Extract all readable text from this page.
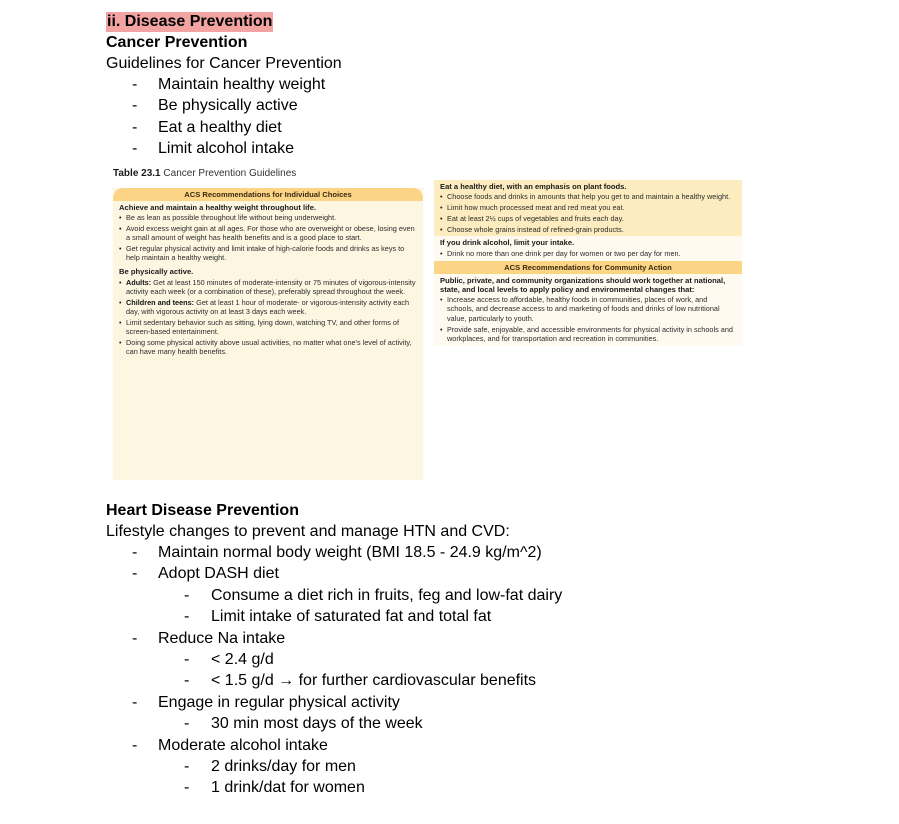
ii. Disease Prevention
Cancer Prevention
Guidelines for Cancer Prevention
- Maintain healthy weight
- Be physically active
- Eat a healthy diet
- Limit alcohol intake
Table 23.1 Cancer Prevention Guidelines
ACS Recommendations for Individual Choices
Achieve and maintain a healthy weight throughout life.
• Be as lean as possible throughout life without being underweight.
• Avoid excess weight gain at all ages. For those who are overweight or obese, losing even a small amount of weight has health benefits and is a good place to start.
• Get regular physical activity and limit intake of high-calorie foods and drinks as keys to help maintain a healthy weight.
Be physically active.
• Adults: Get at least 150 minutes of moderate-intensity or 75 minutes of vigorous-intensity activity each week (or a combination of these), preferably spread throughout the week.
• Children and teens: Get at least 1 hour of moderate- or vigorous-intensity activity each day, with vigorous activity on at least 3 days each week.
• Limit sedentary behavior such as sitting, lying down, watching TV, and other forms of screen-based entertainment.
• Doing some physical activity above usual activities, no matter what one's level of activity, can have many health benefits.
Eat a healthy diet, with an emphasis on plant foods.
• Choose foods and drinks in amounts that help you get to and maintain a healthy weight.
• Limit how much processed meat and red meat you eat.
• Eat at least 2½ cups of vegetables and fruits each day.
• Choose whole grains instead of refined-grain products.
If you drink alcohol, limit your intake.
• Drink no more than one drink per day for women or two per day for men.
ACS Recommendations for Community Action
Public, private, and community organizations should work together at national, state, and local levels to apply policy and environmental changes that:
• Increase access to affordable, healthy foods in communities, places of work, and schools, and decrease access to and marketing of foods and drinks of low nutritional value, particularly to youth.
• Provide safe, enjoyable, and accessible environments for physical activity in schools and workplaces, and for transportation and recreation in communities.
Heart Disease Prevention
Lifestyle changes to prevent and manage HTN and CVD:
- Maintain normal body weight (BMI 18.5 - 24.9 kg/m^2)
- Adopt DASH diet
- Consume a diet rich in fruits, feg and low-fat dairy
- Limit intake of saturated fat and total fat
- Reduce Na intake
- < 2.4 g/d
- < 1.5 g/d → for further cardiovascular benefits
- Engage in regular physical activity
- 30 min most days of the week
- Moderate alcohol intake
- 2 drinks/day for men
- 1 drink/dat for women
